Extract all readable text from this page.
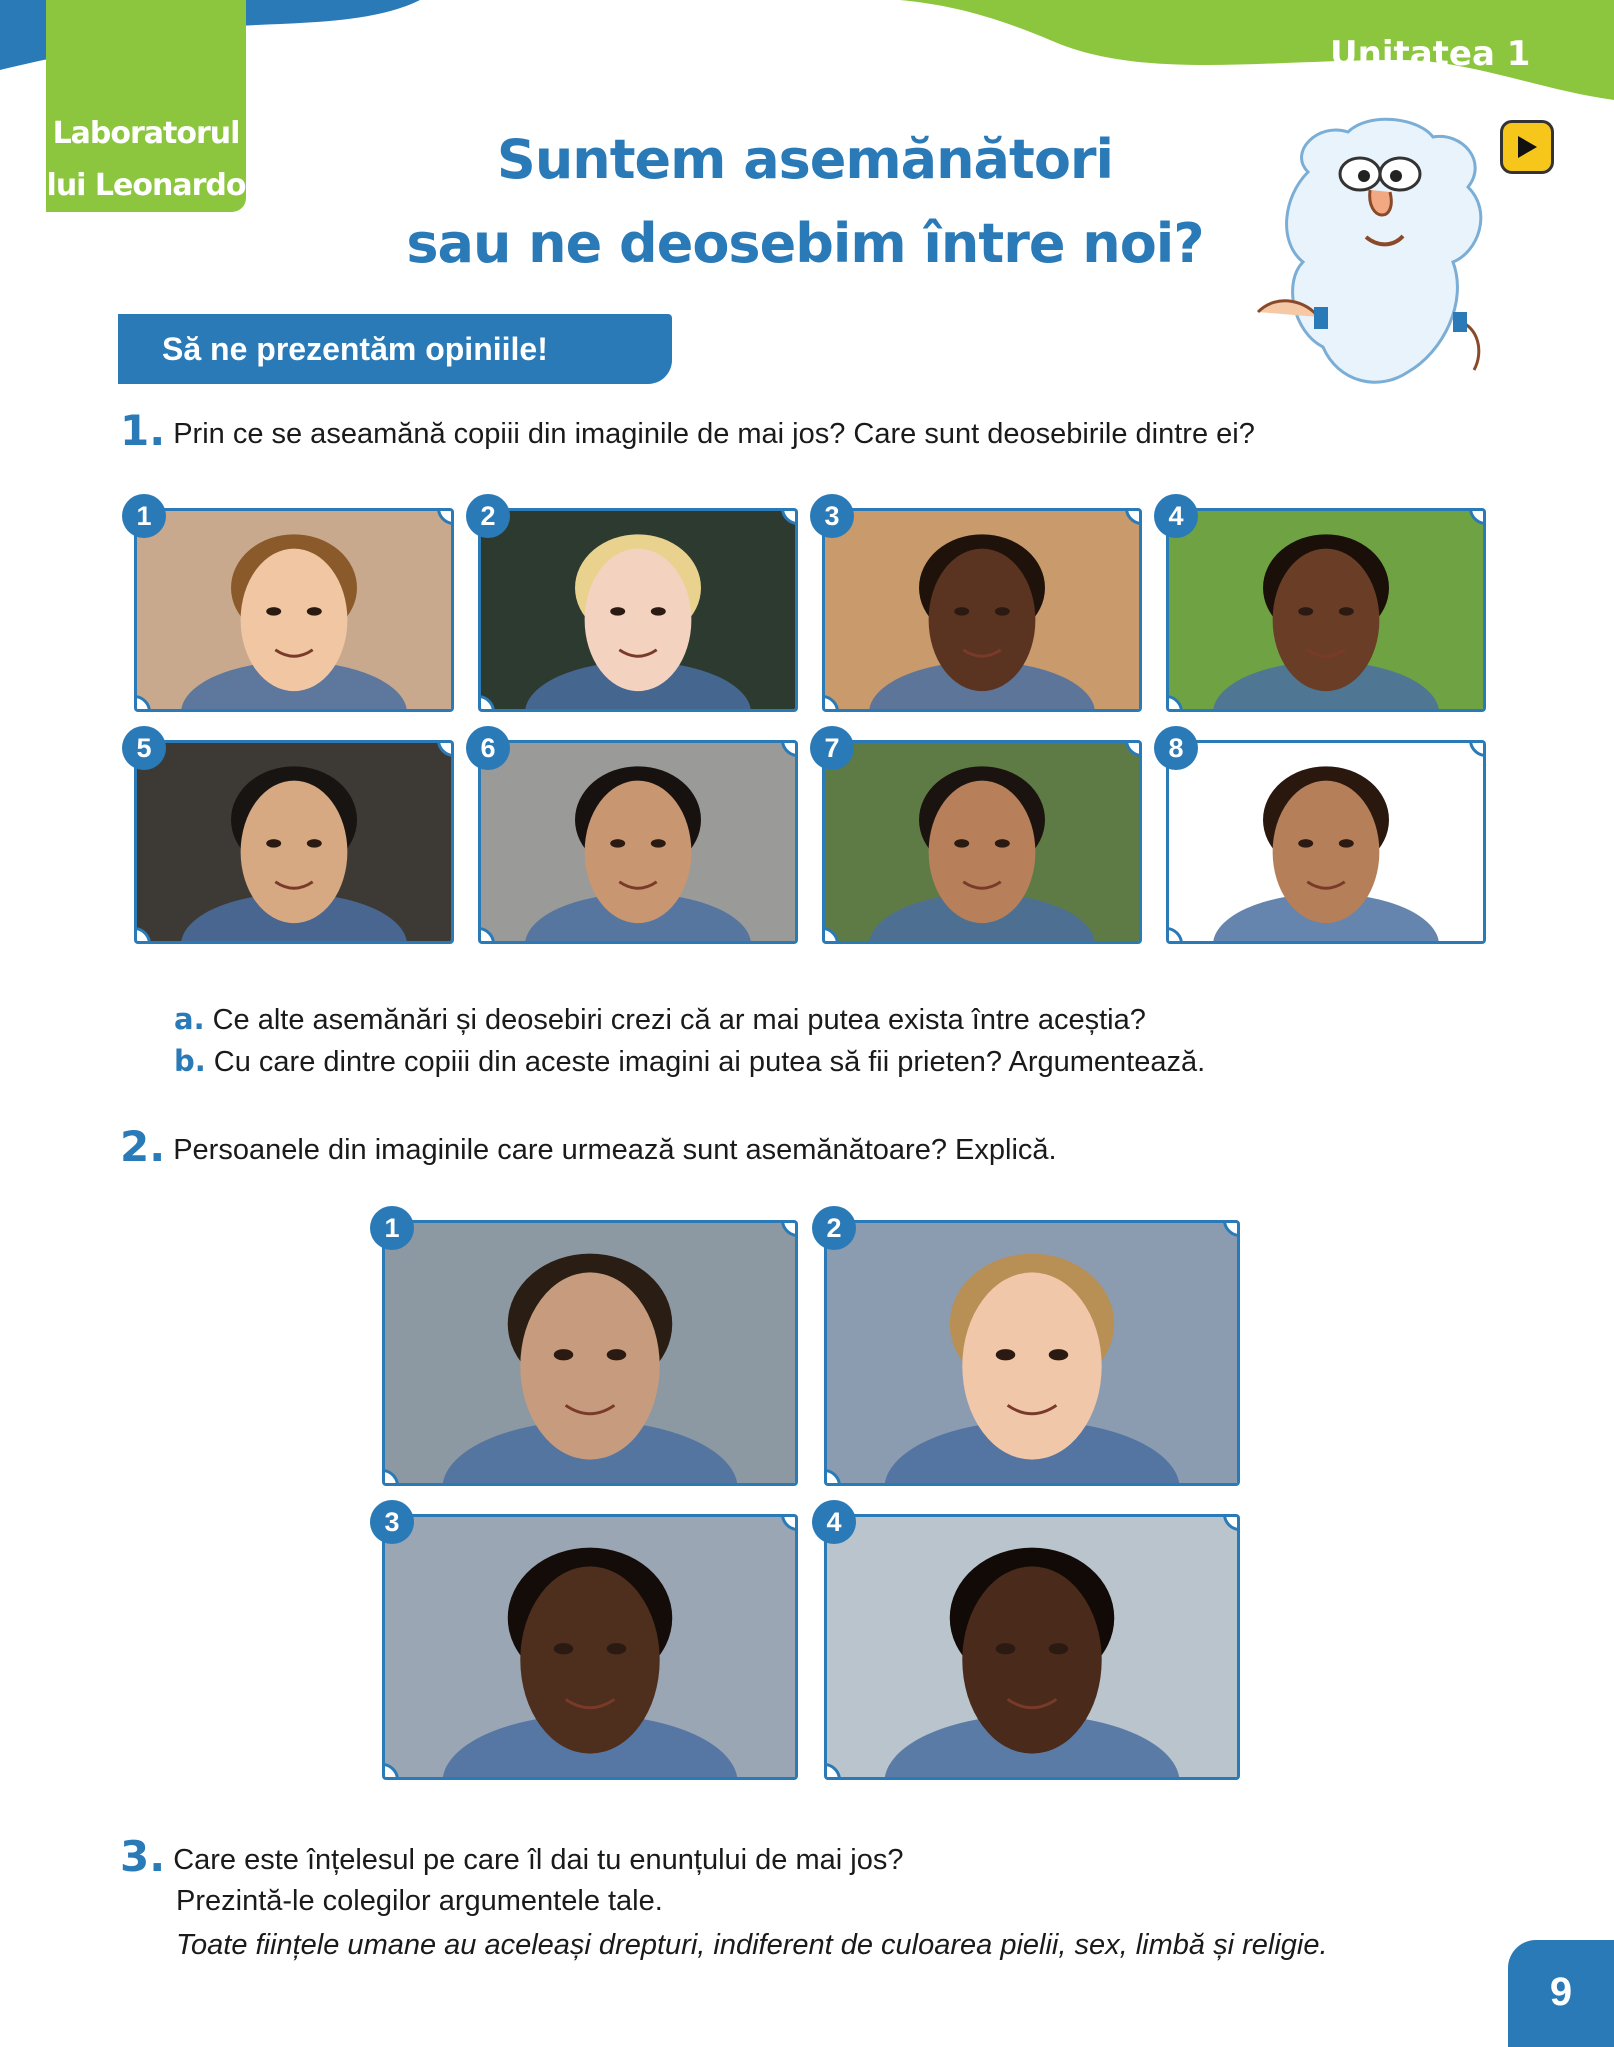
Laboratorul
lui Leonardo
Unitatea 1
Suntem asemănători
sau ne deosebim între noi?
Să ne prezentăm opiniile!
1. Prin ce se aseamănă copiii din imaginile de mai jos? Care sunt deosebirile dintre ei?
1	2	3	4
5	6	7	8
a. Ce alte asemănări și deosebiri crezi că ar mai putea exista între aceștia?
b. Cu care dintre copiii din aceste imagini ai putea să fii prieten? Argumentează.
2. Persoanele din imaginile care urmează sunt asemănătoare? Explică.
1	2
3	4
3. Care este înțelesul pe care îl dai tu enunțului de mai jos?
Prezintă-le colegilor argumentele tale.
Toate ființele umane au aceleași drepturi, indiferent de culoarea pielii, sex, limbă și religie.
9
